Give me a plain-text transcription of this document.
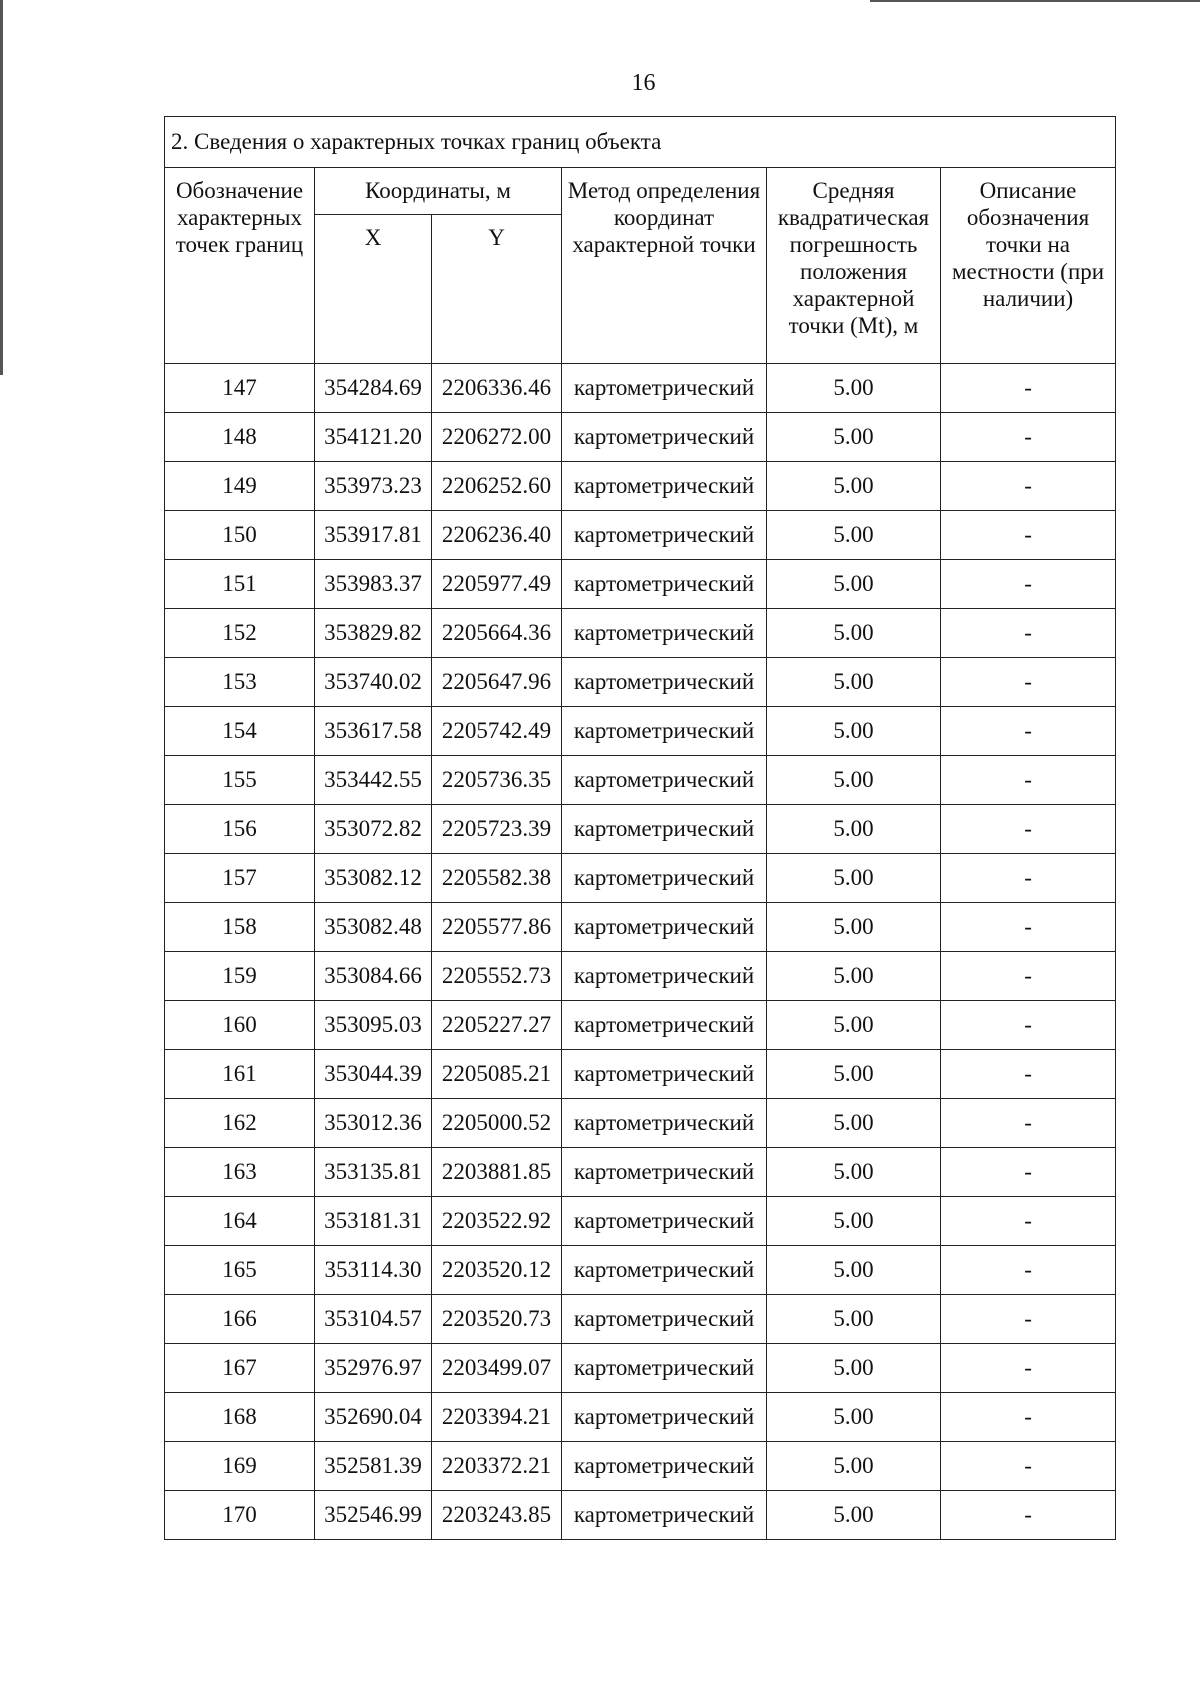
16
2. Сведения о характерных точках границ объекта					
Обозначение характерных точек границ	Координаты, м		Метод определения координат характерной точки	Средняя квадратическая погрешность положения характерной точки (Mt), м	Описание обозначения точки на местности (при наличии)
	X	Y			
147	354284.69	2206336.46	картометрический	5.00	-
148	354121.20	2206272.00	картометрический	5.00	-
149	353973.23	2206252.60	картометрический	5.00	-
150	353917.81	2206236.40	картометрический	5.00	-
151	353983.37	2205977.49	картометрический	5.00	-
152	353829.82	2205664.36	картометрический	5.00	-
153	353740.02	2205647.96	картометрический	5.00	-
154	353617.58	2205742.49	картометрический	5.00	-
155	353442.55	2205736.35	картометрический	5.00	-
156	353072.82	2205723.39	картометрический	5.00	-
157	353082.12	2205582.38	картометрический	5.00	-
158	353082.48	2205577.86	картометрический	5.00	-
159	353084.66	2205552.73	картометрический	5.00	-
160	353095.03	2205227.27	картометрический	5.00	-
161	353044.39	2205085.21	картометрический	5.00	-
162	353012.36	2205000.52	картометрический	5.00	-
163	353135.81	2203881.85	картометрический	5.00	-
164	353181.31	2203522.92	картометрический	5.00	-
165	353114.30	2203520.12	картометрический	5.00	-
166	353104.57	2203520.73	картометрический	5.00	-
167	352976.97	2203499.07	картометрический	5.00	-
168	352690.04	2203394.21	картометрический	5.00	-
169	352581.39	2203372.21	картометрический	5.00	-
170	352546.99	2203243.85	картометрический	5.00	-
